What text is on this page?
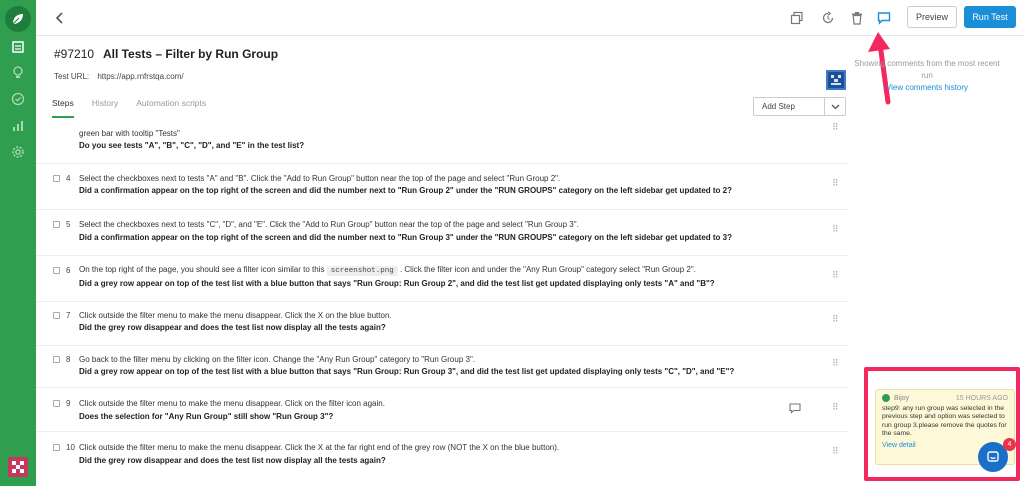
Preview	Run Test
#97210 All Tests – Filter by Run Group
Test URL: https://app.rnfrstqa.com/
Steps History Automation scripts	Add Step
green bar with tooltip "Tests"
Do you see tests "A", "B", "C", "D", and "E" in the test list?
⠿
4 Select the checkboxes next to tests "A" and "B". Click the "Add to Run Group" button near the top of the page and select "Run Group 2".
Did a confirmation appear on the top right of the screen and did the number next to "Run Group 2" under the "RUN GROUPS" category on the left sidebar get updated to 2?
⠿
5 Select the checkboxes next to tests "C", "D", and "E". Click the "Add to Run Group" button near the top of the page and select "Run Group 3".
Did a confirmation appear on the top right of the screen and did the number next to "Run Group 3" under the "RUN GROUPS" category on the left sidebar get updated to 3?
⠿
6 On the top right of the page, you should see a filter icon similar to this screenshot.png . Click the filter icon and under the "Any Run Group" category select "Run Group 2".
Did a grey row appear on top of the test list with a blue button that says "Run Group: Run Group 2", and did the test list get updated displaying only tests "A" and "B"?
⠿
7 Click outside the filter menu to make the menu disappear. Click the X on the blue button.
Did the grey row disappear and does the test list now display all the tests again?
⠿
8 Go back to the filter menu by clicking on the filter icon. Change the "Any Run Group" category to "Run Group 3".
Did a grey row appear on top of the test list with a blue button that says "Run Group: Run Group 3", and did the test list get updated displaying only tests "C", "D", and "E"?
⠿
9 Click outside the filter menu to make the menu disappear. Click on the filter icon again.
Does the selection for "Any Run Group" still show "Run Group 3"?
⠿
10 Click outside the filter menu to make the menu disappear. Click the X at the far right end of the grey row (NOT the X on the blue button).
Did the grey row disappear and does the test list now display all the tests again?
⠿
Showing comments from the most recent run
View comments history
Bijoy	15 HOURS AGO
step9: any run group was selected in the previous step and option was selected to run group 3.please remove the quotes for the same.
View detail	4
